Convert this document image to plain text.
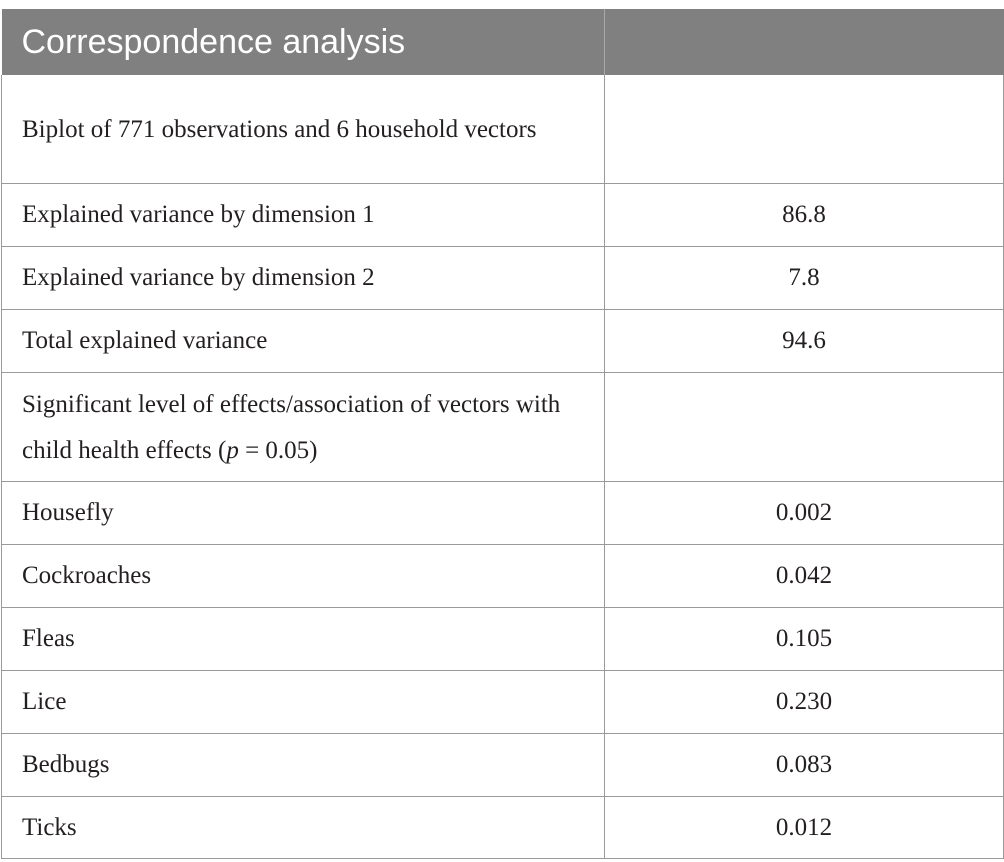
Correspondence analysis	
Biplot of 771 observations and 6 household vectors	
Explained variance by dimension 1	86.8
Explained variance by dimension 2	7.8
Total explained variance	94.6
Significant level of effects/association of vectors with child health effects (p = 0.05)	
Housefly	0.002
Cockroaches	0.042
Fleas	0.105
Lice	0.230
Bedbugs	0.083
Ticks	0.012
